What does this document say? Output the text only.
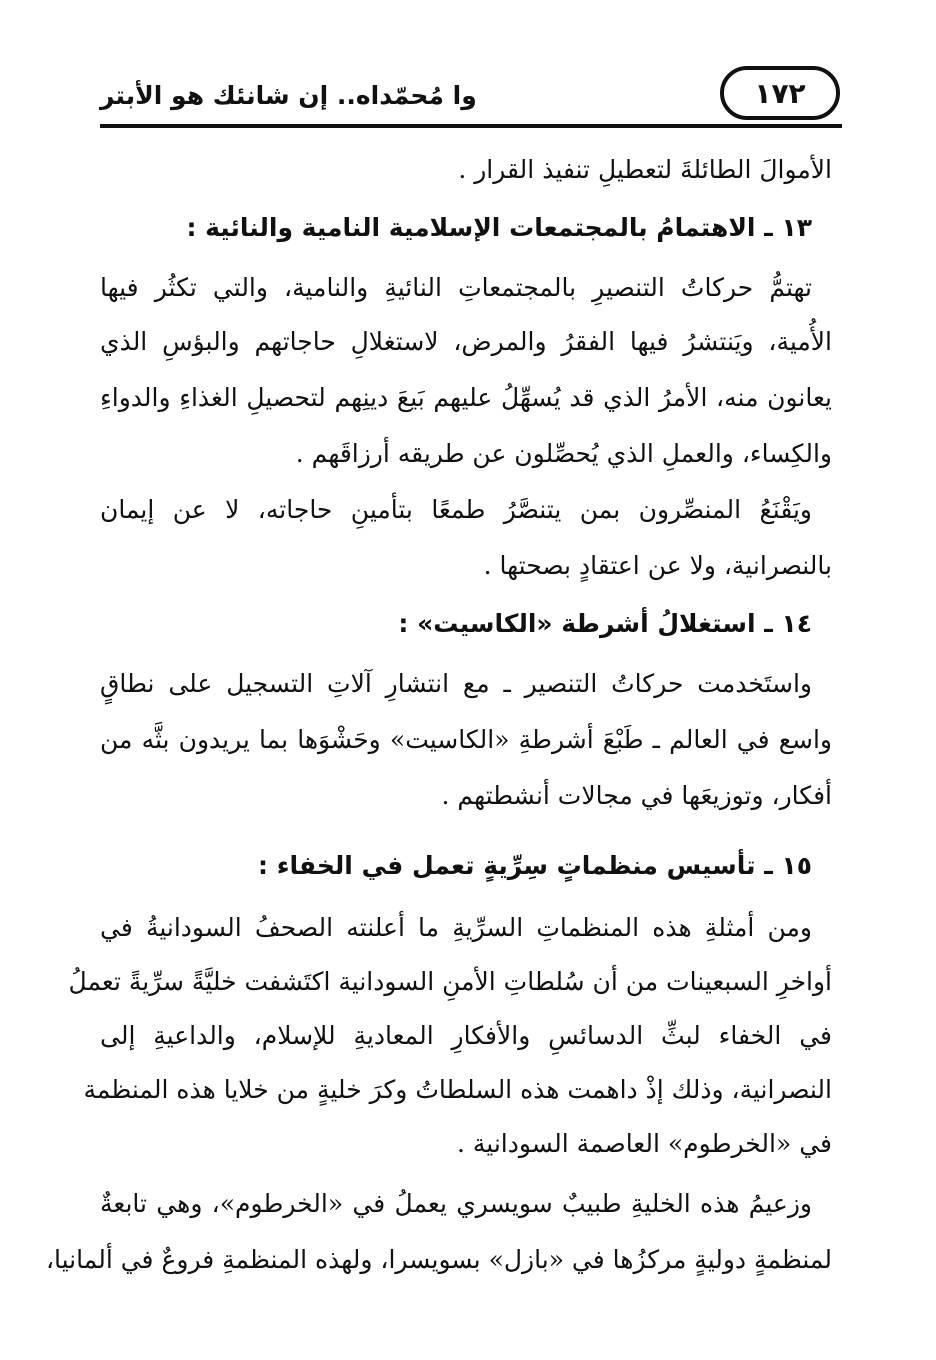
وا مُحمّداه.. إن شانئك هو الأبتر	١٧٢
الأموالَ الطائلةَ لتعطيلِ تنفيذ القرار .
١٣ ـ الاهتمامُ بالمجتمعات الإسلامية النامية والنائية :
تهتمُّ حركاتُ التنصيرِ بالمجتمعاتِ النائيةِ والنامية، والتي تكثُر فيها
الأُمية، ويَنتشرُ فيها الفقرُ والمرض، لاستغلالِ حاجاتهم والبؤسِ الذي
يعانون منه، الأمرُ الذي قد يُسهِّلُ عليهم بَيعَ دينِهم لتحصيلِ الغذاءِ والدواءِ
والكِساء، والعملِ الذي يُحصِّلون عن طريقه أرزاقَهم .
ويَقْنَعُ المنصِّرون بمن يتنصَّرُ طمعًا بتأمينِ حاجاته، لا عن إيمان
بالنصرانية، ولا عن اعتقادٍ بصحتها .
١٤ ـ استغلالُ أشرطة «الكاسيت» :
واستَخدمت حركاتُ التنصير ـ مع انتشارِ آلاتِ التسجيل على نطاقٍ
واسع في العالم ـ طَبْعَ أشرطةِ «الكاسيت» وحَشْوَها بما يريدون بثَّه من
أفكار، وتوزيعَها في مجالات أنشطتهم .
١٥ ـ تأسيس منظماتٍ سِرِّيةٍ تعمل في الخفاء :
ومن أمثلةِ هذه المنظماتِ السرِّيةِ ما أعلنته الصحفُ السودانيةُ في
أواخرِ السبعينات من أن سُلطاتِ الأمنِ السودانية اكتَشفت خليَّةً سرِّيةً تعملُ
في الخفاء لبثِّ الدسائسِ والأفكارِ المعاديةِ للإسلام، والداعيةِ إلى
النصرانية، وذلك إذْ داهمت هذه السلطاتُ وكرَ خليةٍ من خلايا هذه المنظمة
في «الخرطوم» العاصمة السودانية .
وزعيمُ هذه الخليةِ طبيبٌ سويسري يعملُ في «الخرطوم»، وهي تابعةٌ
لمنظمةٍ دوليةٍ مركزُها في «بازل» بسويسرا، ولهذه المنظمةِ فروعٌ في ألمانيا،
